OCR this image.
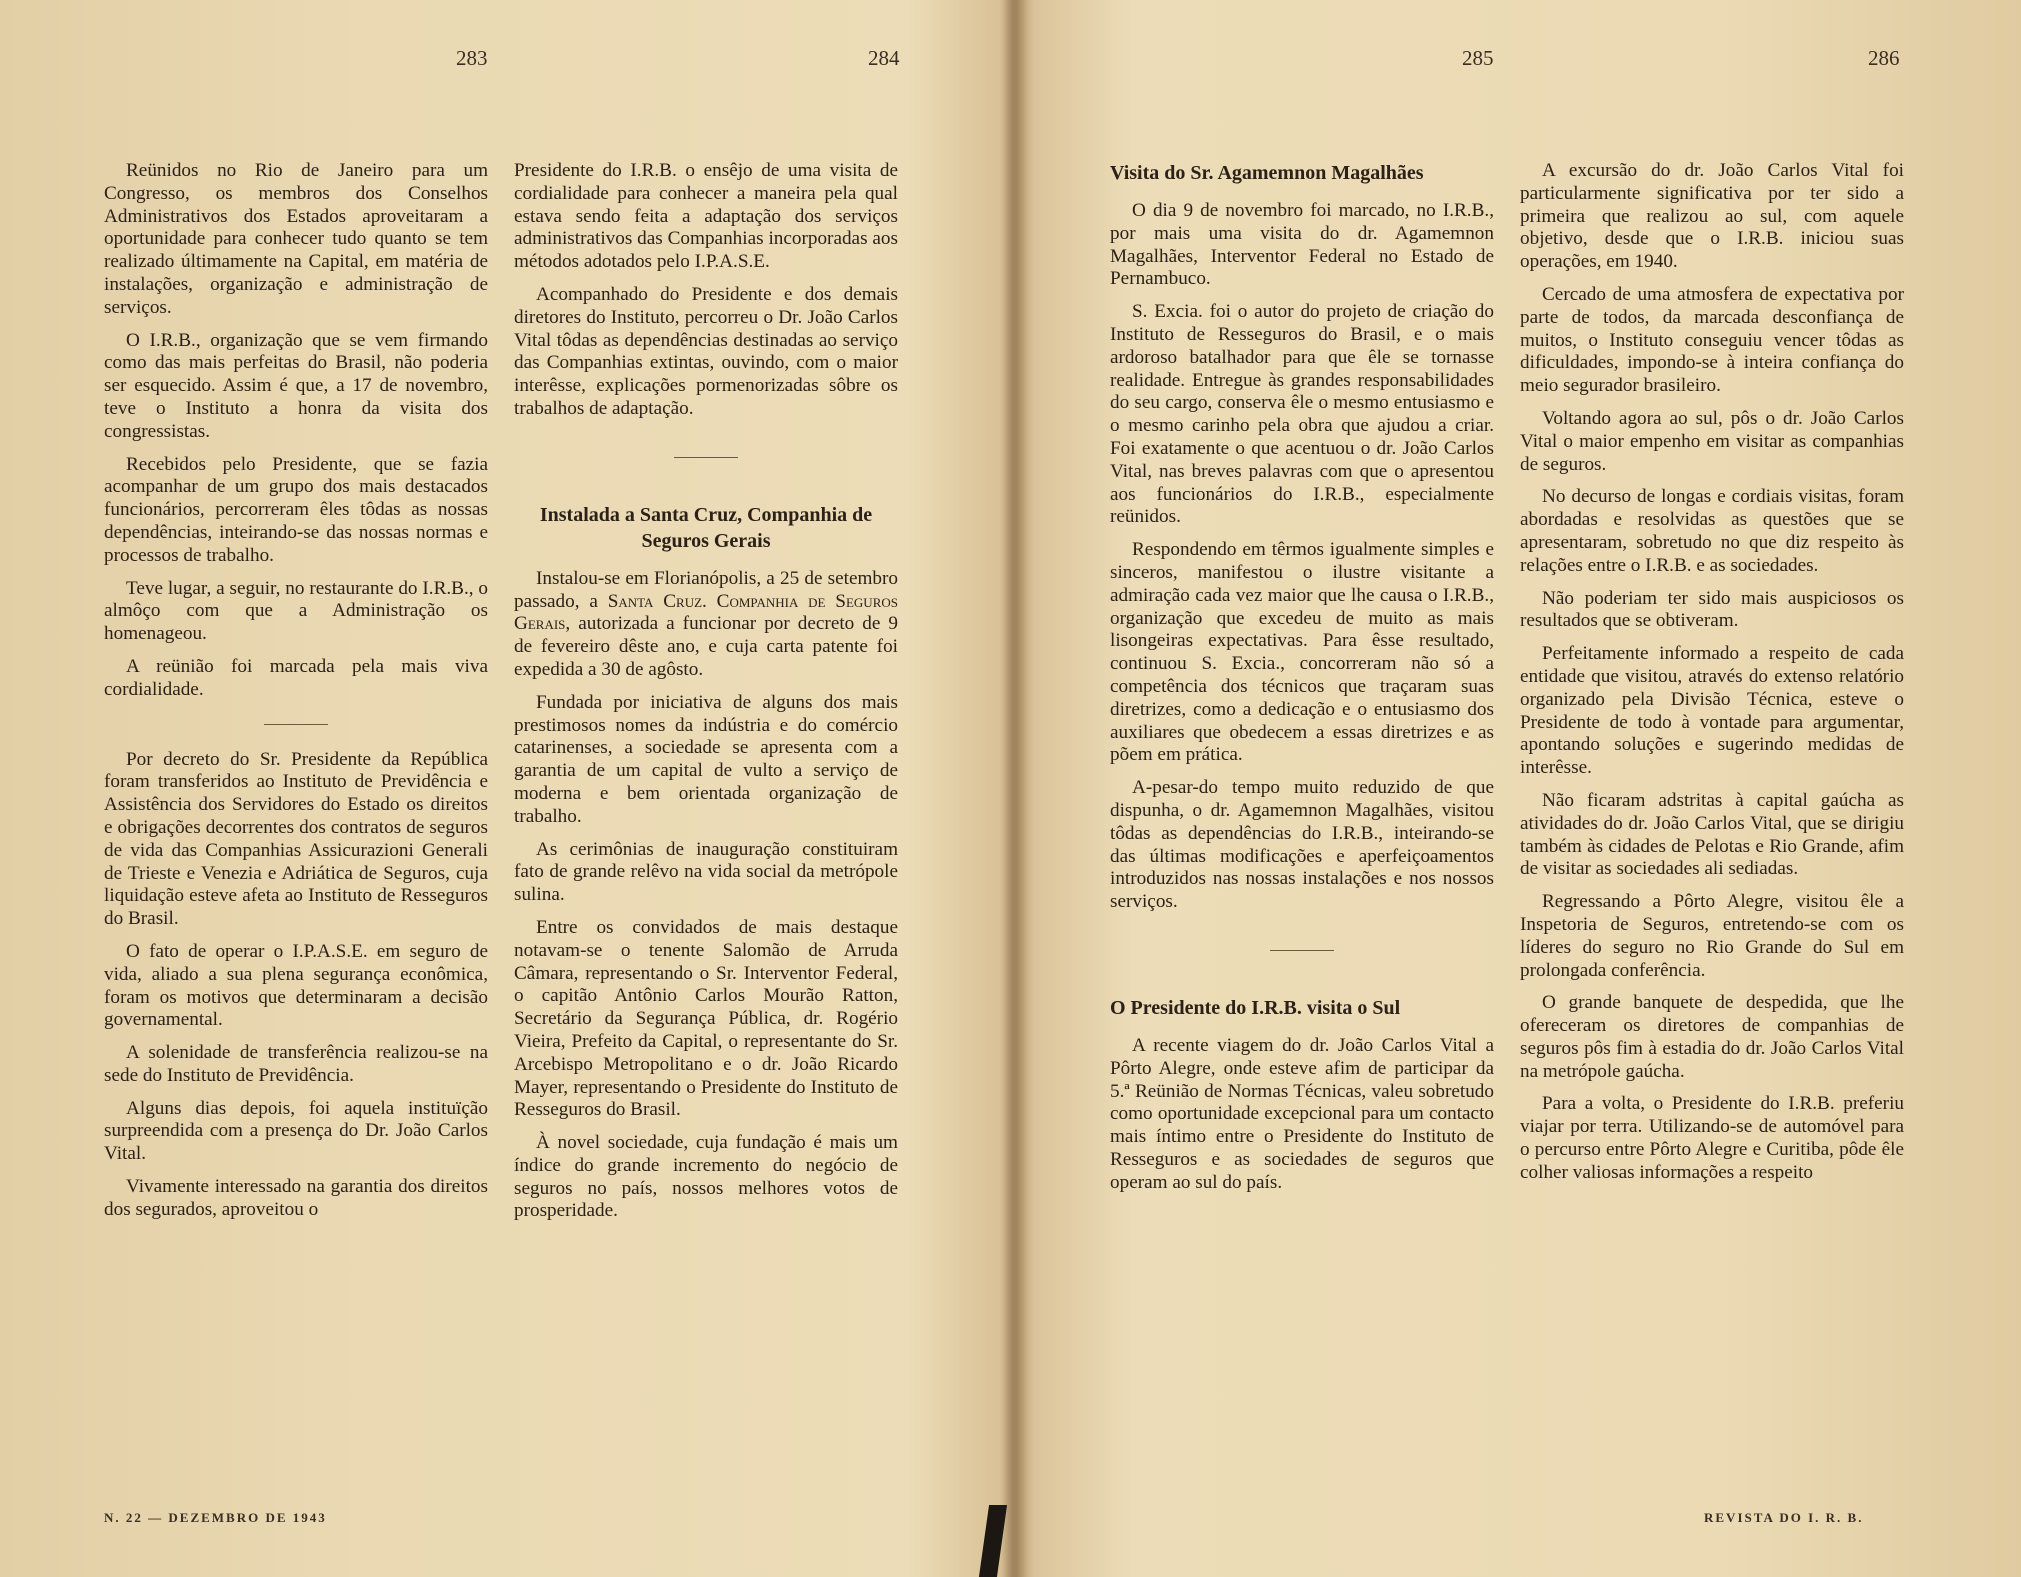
283	284	285	286

Reünidos no Rio de Janeiro para um Congresso, os membros dos Conselhos Administrativos dos Estados aproveitaram a oportunidade para conhecer tudo quanto se tem realizado últimamente na Capital, em matéria de instalações, organização e administração de serviços.

O I.R.B., organização que se vem firmando como das mais perfeitas do Brasil, não poderia ser esquecido. Assim é que, a 17 de novembro, teve o Instituto a honra da visita dos congressistas.

Recebidos pelo Presidente, que se fazia acompanhar de um grupo dos mais destacados funcionários, percorreram êles tôdas as nossas dependências, inteirando-se das nossas normas e processos de trabalho.

Teve lugar, a seguir, no restaurante do I.R.B., o almôço com que a Administração os homenageou.

A reünião foi marcada pela mais viva cordialidade.

Por decreto do Sr. Presidente da República foram transferidos ao Instituto de Previdência e Assistência dos Servidores do Estado os direitos e obrigações decorrentes dos contratos de seguros de vida das Companhias Assicurazioni Generali de Trieste e Venezia e Adriática de Seguros, cuja liquidação esteve afeta ao Instituto de Resseguros do Brasil.

O fato de operar o I.P.A.S.E. em seguro de vida, aliado a sua plena segurança econômica, foram os motivos que determinaram a decisão governamental.

A solenidade de transferência realizou-se na sede do Instituto de Previdência.

Alguns dias depois, foi aquela instituïção surpreendida com a presença do Dr. João Carlos Vital.

Vivamente interessado na garantia dos direitos dos segurados, aproveitou o

Presidente do I.R.B. o ensêjo de uma visita de cordialidade para conhecer a maneira pela qual estava sendo feita a adaptação dos serviços administrativos das Companhias incorporadas aos métodos adotados pelo I.P.A.S.E.

Acompanhado do Presidente e dos demais diretores do Instituto, percorreu o Dr. João Carlos Vital tôdas as dependências destinadas ao serviço das Companhias extintas, ouvindo, com o maior interêsse, explicações pormenorizadas sôbre os trabalhos de adaptação.

Instalada a Santa Cruz, Companhia de Seguros Gerais

Instalou-se em Florianópolis, a 25 de setembro passado, a Santa Cruz. Companhia de Seguros Gerais, autorizada a funcionar por decreto de 9 de fevereiro dêste ano, e cuja carta patente foi expedida a 30 de agôsto.

Fundada por iniciativa de alguns dos mais prestimosos nomes da indústria e do comércio catarinenses, a sociedade se apresenta com a garantia de um capital de vulto a serviço de moderna e bem orientada organização de trabalho.

As cerimônias de inauguração constituiram fato de grande relêvo na vida social da metrópole sulina.

Entre os convidados de mais destaque notavam-se o tenente Salomão de Arruda Câmara, representando o Sr. Interventor Federal, o capitão Antônio Carlos Mourão Ratton, Secretário da Segurança Pública, dr. Rogério Vieira, Prefeito da Capital, o representante do Sr. Arcebispo Metropolitano e o dr. João Ricardo Mayer, representando o Presidente do Instituto de Resseguros do Brasil.

À novel sociedade, cuja fundação é mais um índice do grande incremento do negócio de seguros no país, nossos melhores votos de prosperidade.

Visita do Sr. Agamemnon Magalhães

O dia 9 de novembro foi marcado, no I.R.B., por mais uma visita do dr. Agamemnon Magalhães, Interventor Federal no Estado de Pernambuco.

S. Excia. foi o autor do projeto de criação do Instituto de Resseguros do Brasil, e o mais ardoroso batalhador para que êle se tornasse realidade. Entregue às grandes responsabilidades do seu cargo, conserva êle o mesmo entusiasmo e o mesmo carinho pela obra que ajudou a criar. Foi exatamente o que acentuou o dr. João Carlos Vital, nas breves palavras com que o apresentou aos funcionários do I.R.B., especialmente reünidos.

Respondendo em têrmos igualmente simples e sinceros, manifestou o ilustre visitante a admiração cada vez maior que lhe causa o I.R.B., organização que excedeu de muito as mais lisongeiras expectativas. Para êsse resultado, continuou S. Excia., concorreram não só a competência dos técnicos que traçaram suas diretrizes, como a dedicação e o entusiasmo dos auxiliares que obedecem a essas diretrizes e as põem em prática.

A-pesar-do tempo muito reduzido de que dispunha, o dr. Agamemnon Magalhães, visitou tôdas as dependências do I.R.B., inteirando-se das últimas modificações e aperfeiçoamentos introduzidos nas nossas instalações e nos nossos serviços.

O Presidente do I.R.B. visita o Sul

A recente viagem do dr. João Carlos Vital a Pôrto Alegre, onde esteve afim de participar da 5.ª Reünião de Normas Técnicas, valeu sobretudo como oportunidade excepcional para um contacto mais íntimo entre o Presidente do Instituto de Resseguros e as sociedades de seguros que operam ao sul do país.

A excursão do dr. João Carlos Vital foi particularmente significativa por ter sido a primeira que realizou ao sul, com aquele objetivo, desde que o I.R.B. iniciou suas operações, em 1940.

Cercado de uma atmosfera de expectativa por parte de todos, da marcada desconfiança de muitos, o Instituto conseguiu vencer tôdas as dificuldades, impondo-se à inteira confiança do meio segurador brasileiro.

Voltando agora ao sul, pôs o dr. João Carlos Vital o maior empenho em visitar as companhias de seguros.

No decurso de longas e cordiais visitas, foram abordadas e resolvidas as questões que se apresentaram, sobretudo no que diz respeito às relações entre o I.R.B. e as sociedades.

Não poderiam ter sido mais auspiciosos os resultados que se obtiveram.

Perfeitamente informado a respeito de cada entidade que visitou, através do extenso relatório organizado pela Divisão Técnica, esteve o Presidente de todo à vontade para argumentar, apontando soluções e sugerindo medidas de interêsse.

Não ficaram adstritas à capital gaúcha as atividades do dr. João Carlos Vital, que se dirigiu também às cidades de Pelotas e Rio Grande, afim de visitar as sociedades ali sediadas.

Regressando a Pôrto Alegre, visitou êle a Inspetoria de Seguros, entretendo-se com os líderes do seguro no Rio Grande do Sul em prolongada conferência.

O grande banquete de despedida, que lhe ofereceram os diretores de companhias de seguros pôs fim à estadia do dr. João Carlos Vital na metrópole gaúcha.

Para a volta, o Presidente do I.R.B. preferiu viajar por terra. Utilizando-se de automóvel para o percurso entre Pôrto Alegre e Curitiba, pôde êle colher valiosas informações a respeito

N. 22 — DEZEMBRO DE 1943	REVISTA DO I. R. B.
